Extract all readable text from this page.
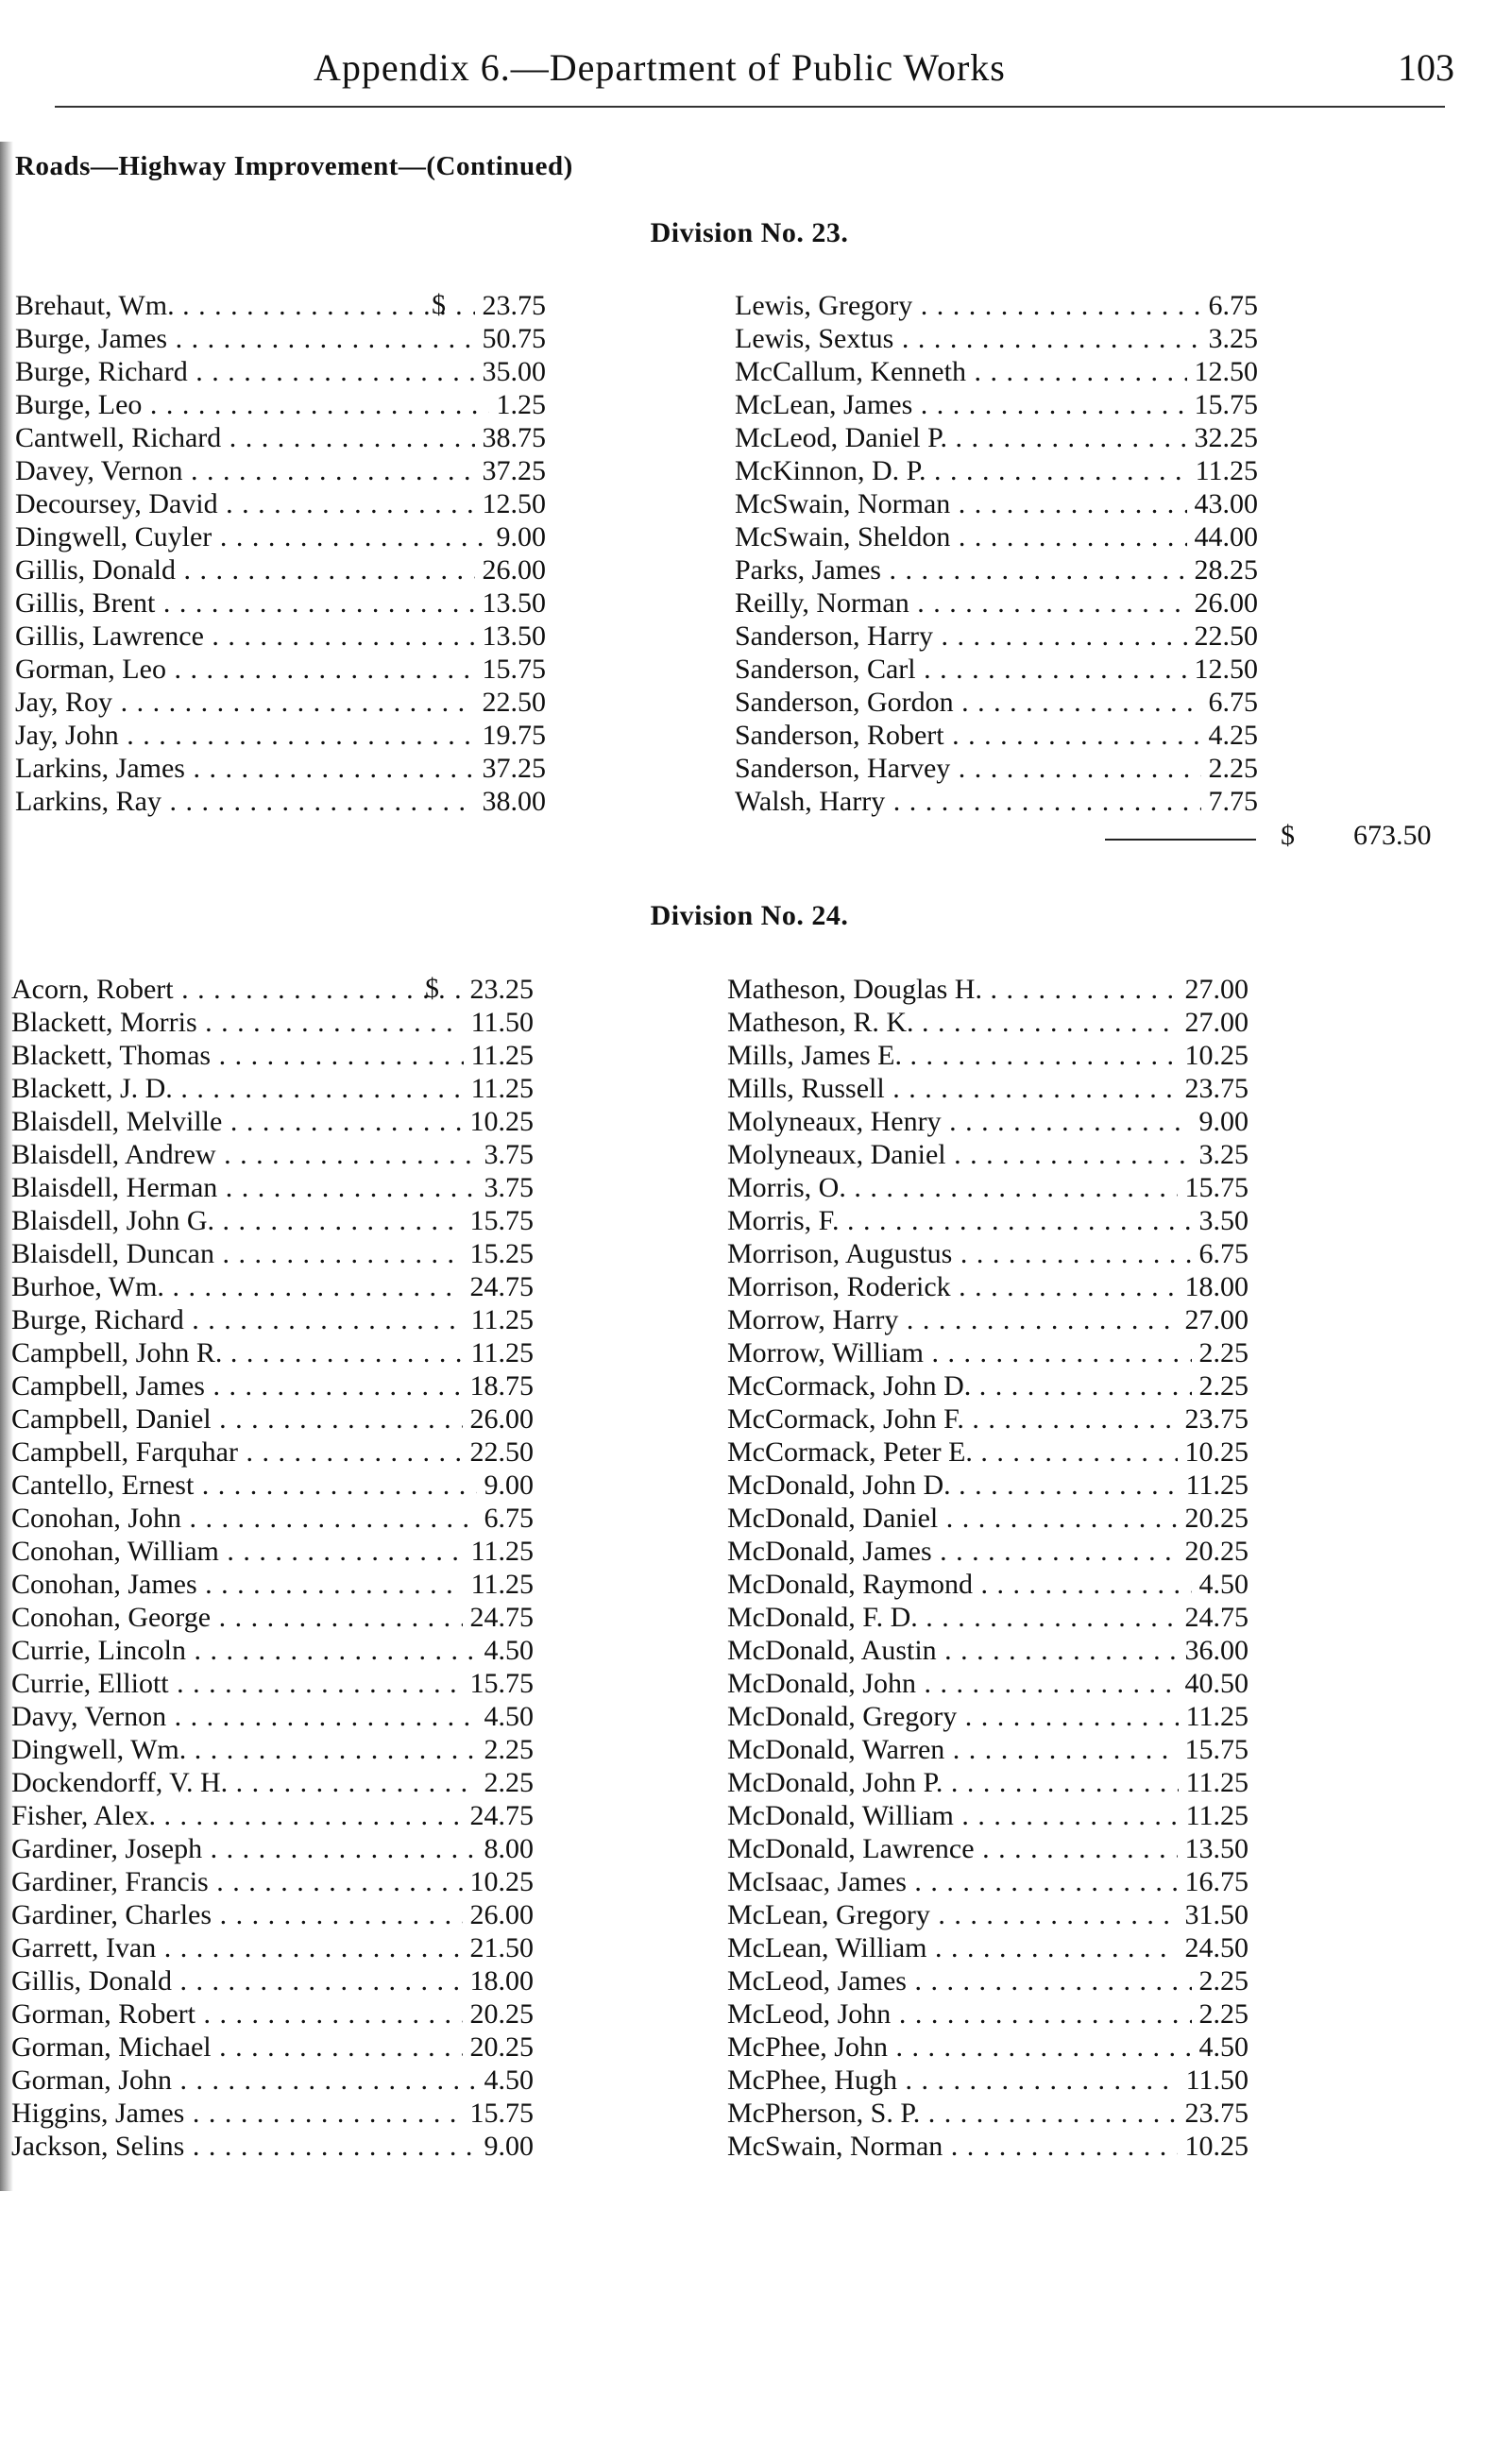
Appendix 6.—Department of Public Works	103
Roads—Highway Improvement—(Continued)
Division No. 23.
$
Brehaut, Wm. . . .	23.75
Burge, James . . .	50.75
Burge, Richard . . .	35.00
Burge, Leo . . .	1.25
Cantwell, Richard . . .	38.75
Davey, Vernon . . .	37.25
Decoursey, David . . .	12.50
Dingwell, Cuyler . . .	9.00
Gillis, Donald . . .	26.00
Gillis, Brent . . .	13.50
Gillis, Lawrence . . .	13.50
Gorman, Leo . . .	15.75
Jay, Roy . . .	22.50
Jay, John . . .	19.75
Larkins, James . . .	37.25
Larkins, Ray . . .	38.00
Lewis, Gregory . . .	6.75
Lewis, Sextus . . .	3.25
McCallum, Kenneth . . .	12.50
McLean, James . . .	15.75
McLeod, Daniel P. . . .	32.25
McKinnon, D. P. . . .	11.25
McSwain, Norman . . .	43.00
McSwain, Sheldon . . .	44.00
Parks, James . . .	28.25
Reilly, Norman . . .	26.00
Sanderson, Harry . . .	22.50
Sanderson, Carl . . .	12.50
Sanderson, Gordon . . .	6.75
Sanderson, Robert . . .	4.25
Sanderson, Harvey . . .	2.25
Walsh, Harry . . .	7.75
$ 673.50
Division No. 24.
$
Acorn, Robert . . .	23.25
Blackett, Morris . . .	11.50
Blackett, Thomas . . .	11.25
Blackett, J. D. . . .	11.25
Blaisdell, Melville . . .	10.25
Blaisdell, Andrew . . .	3.75
Blaisdell, Herman . . .	3.75
Blaisdell, John G. . . .	15.75
Blaisdell, Duncan . . .	15.25
Burhoe, Wm. . . .	24.75
Burge, Richard . . .	11.25
Campbell, John R. . . .	11.25
Campbell, James . . .	18.75
Campbell, Daniel . . .	26.00
Campbell, Farquhar . . .	22.50
Cantello, Ernest . . .	9.00
Conohan, John . . .	6.75
Conohan, William . . .	11.25
Conohan, James . . .	11.25
Conohan, George . . .	24.75
Currie, Lincoln . . .	4.50
Currie, Elliott . . .	15.75
Davy, Vernon . . .	4.50
Dingwell, Wm. . . .	2.25
Dockendorff, V. H. . . .	2.25
Fisher, Alex. . . .	24.75
Gardiner, Joseph . . .	8.00
Gardiner, Francis . . .	10.25
Gardiner, Charles . . .	26.00
Garrett, Ivan . . .	21.50
Gillis, Donald . . .	18.00
Gorman, Robert . . .	20.25
Gorman, Michael . . .	20.25
Gorman, John . . .	4.50
Higgins, James . . .	15.75
Jackson, Selins . . .	9.00
Matheson, Douglas H. . . .	27.00
Matheson, R. K. . . .	27.00
Mills, James E. . . .	10.25
Mills, Russell . . .	23.75
Molyneaux, Henry . . .	9.00
Molyneaux, Daniel . . .	3.25
Morris, O. . . .	15.75
Morris, F. . . .	3.50
Morrison, Augustus . . .	6.75
Morrison, Roderick . . .	18.00
Morrow, Harry . . .	27.00
Morrow, William . . .	2.25
McCormack, John D. . . .	2.25
McCormack, John F. . . .	23.75
McCormack, Peter E. . . .	10.25
McDonald, John D. . . .	11.25
McDonald, Daniel . . .	20.25
McDonald, James . . .	20.25
McDonald, Raymond . . .	4.50
McDonald, F. D. . . .	24.75
McDonald, Austin . . .	36.00
McDonald, John . . .	40.50
McDonald, Gregory . . .	11.25
McDonald, Warren . . .	15.75
McDonald, John P. . . .	11.25
McDonald, William . . .	11.25
McDonald, Lawrence . . .	13.50
McIsaac, James . . .	16.75
McLean, Gregory . . .	31.50
McLean, William . . .	24.50
McLeod, James . . .	2.25
McLeod, John . . .	2.25
McPhee, John . . .	4.50
McPhee, Hugh . . .	11.50
McPherson, S. P. . . .	23.75
McSwain, Norman . . .	10.25
